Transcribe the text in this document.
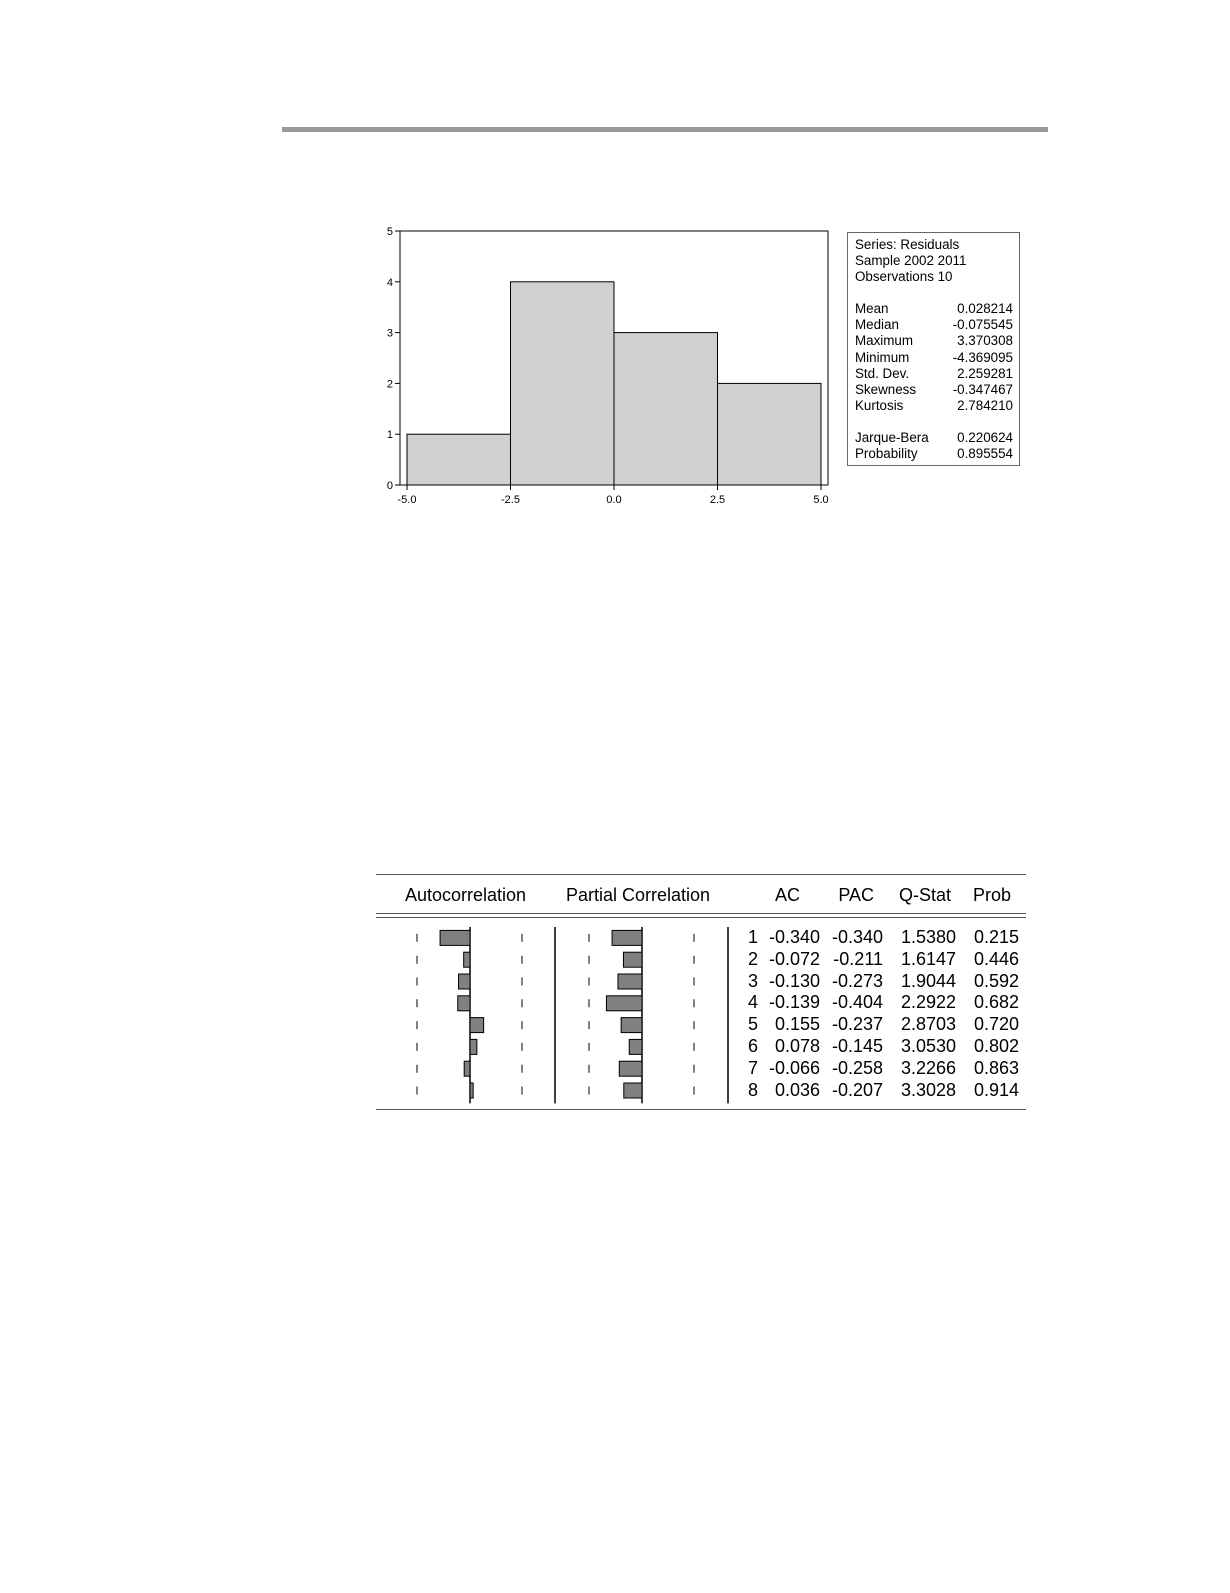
0
1
2
3
4
5
-5.0	-2.5	0.0	2.5	5.0
Series: Residuals
Sample 2002 2011
Observations 10
Mean	0.028214
Median	-0.075545
Maximum	3.370308
Minimum	-4.369095
Std. Dev.	2.259281
Skewness	-0.347467
Kurtosis	2.784210
Jarque-Bera 0.220624
Probability	0.895554
Autocorrelation Partial Correlation	AC PAC Q-Stat Prob
1 -0.340 -0.340 1.5380 0.215
2 -0.072 -0.211 1.6147 0.446
3 -0.130 -0.273 1.9044 0.592
4 -0.139 -0.404 2.2922 0.682
5 0.155 -0.237 2.8703 0.720
6 0.078 -0.145 3.0530 0.802
7 -0.066 -0.258 3.2266 0.863
8 0.036 -0.207 3.3028 0.914
